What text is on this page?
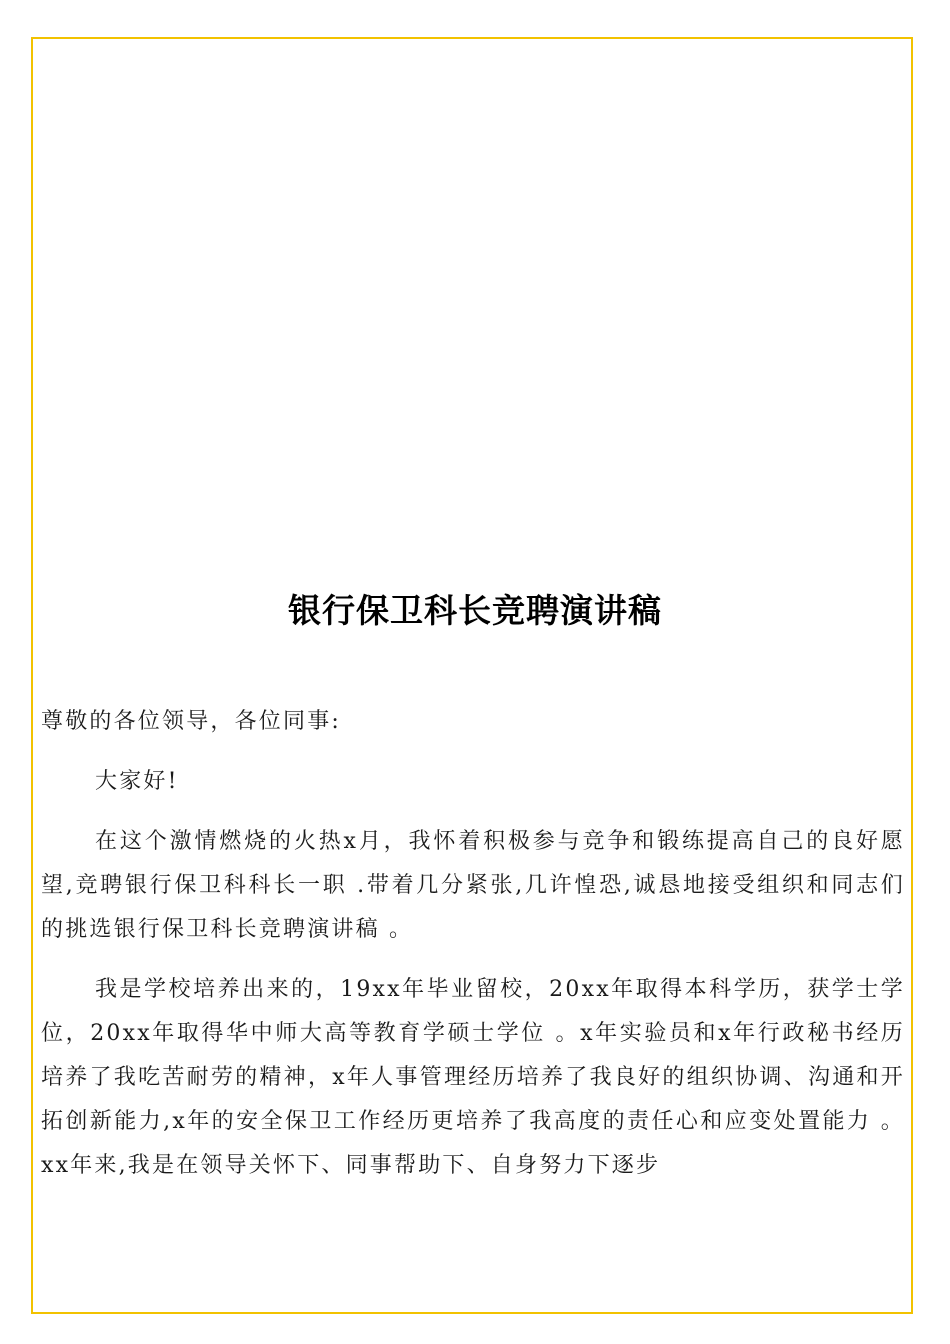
银行保卫科长竞聘演讲稿

尊敬的各位领导，各位同事:

大家好!

在这个激情燃烧的火热x月，我怀着积极参与竞争和锻练提高自己的良好愿望,竞聘银行保卫科科长一职 .带着几分紧张,几许惶恐,诚恳地接受组织和同志们的挑选银行保卫科长竞聘演讲稿 。

我是学校培养出来的，19xx年毕业留校，20xx年取得本科学历，获学士学位，20xx年取得华中师大高等教育学硕士学位 。x年实验员和x年行政秘书经历培养了我吃苦耐劳的精神，x年人事管理经历培养了我良好的组织协调、沟通和开拓创新能力,x年的安全保卫工作经历更培养了我高度的责任心和应变处置能力 。xx年来,我是在领导关怀下、同事帮助下、自身努力下逐步
